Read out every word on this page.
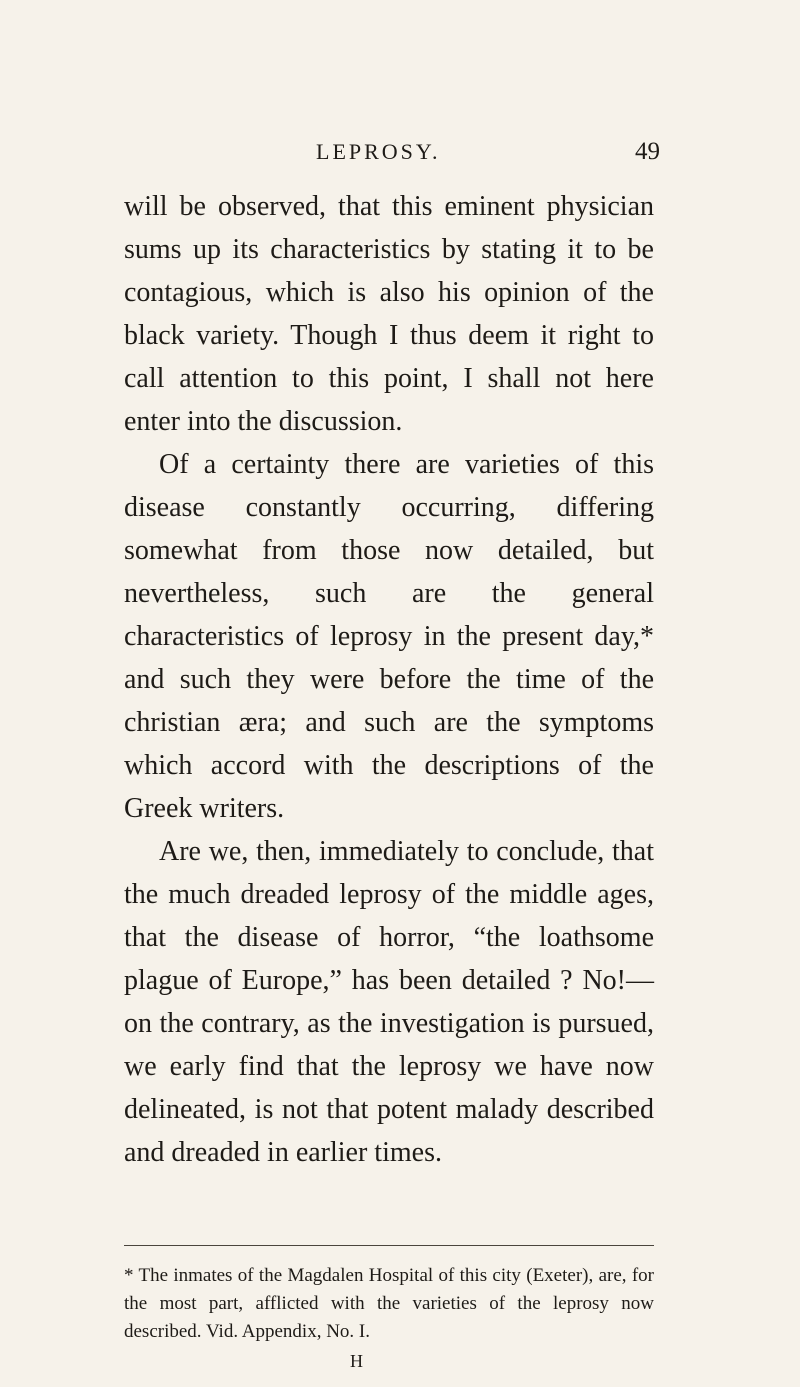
LEPROSY.	49

will be observed, that this eminent physician sums up its characteristics by stating it to be contagious, which is also his opinion of the black variety. Though I thus deem it right to call attention to this point, I shall not here enter into the discussion.

Of a certainty there are varieties of this disease constantly occurring, differing somewhat from those now detailed, but nevertheless, such are the general characteristics of leprosy in the present day,* and such they were before the time of the christian æra; and such are the symptoms which accord with the descriptions of the Greek writers.

Are we, then, immediately to conclude, that the much dreaded leprosy of the middle ages, that the disease of horror, “the loathsome plague of Europe,” has been detailed ? No!—on the contrary, as the investigation is pursued, we early find that the leprosy we have now delineated, is not that potent malady described and dreaded in earlier times.

* The inmates of the Magdalen Hospital of this city (Exeter), are, for the most part, afflicted with the varieties of the leprosy now described. Vid. Appendix, No. I.

H
